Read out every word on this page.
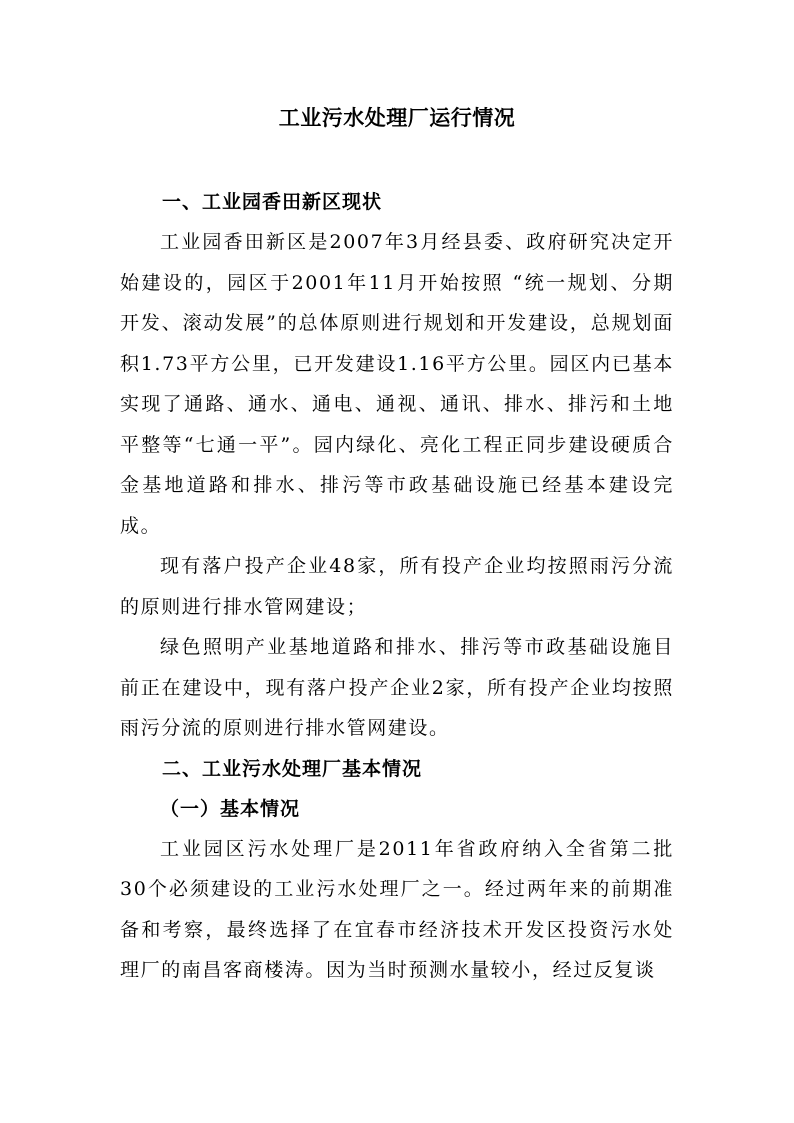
工业污水处理厂运行情况

一、工业园香田新区现状

工业园香田新区是2007年3月经县委、政府研究决定开始建设的，园区于2001年11月开始按照 “统一规划、分期开发、滚动发展”的总体原则进行规划和开发建设，总规划面积1.73平方公里，已开发建设1.16平方公里。园区内已基本实现了通路、通水、通电、通视、通讯、排水、排污和土地平整等“七通一平”。园内绿化、亮化工程正同步建设硬质合金基地道路和排水、排污等市政基础设施已经基本建设完成。

现有落户投产企业48家，所有投产企业均按照雨污分流的原则进行排水管网建设；

绿色照明产业基地道路和排水、排污等市政基础设施目前正在建设中，现有落户投产企业2家，所有投产企业均按照雨污分流的原则进行排水管网建设。

二、工业污水处理厂基本情况

（一）基本情况

工业园区污水处理厂是2011年省政府纳入全省第二批30个必须建设的工业污水处理厂之一。经过两年来的前期准备和考察，最终选择了在宜春市经济技术开发区投资污水处理厂的南昌客商楼涛。因为当时预测水量较小，经过反复谈
